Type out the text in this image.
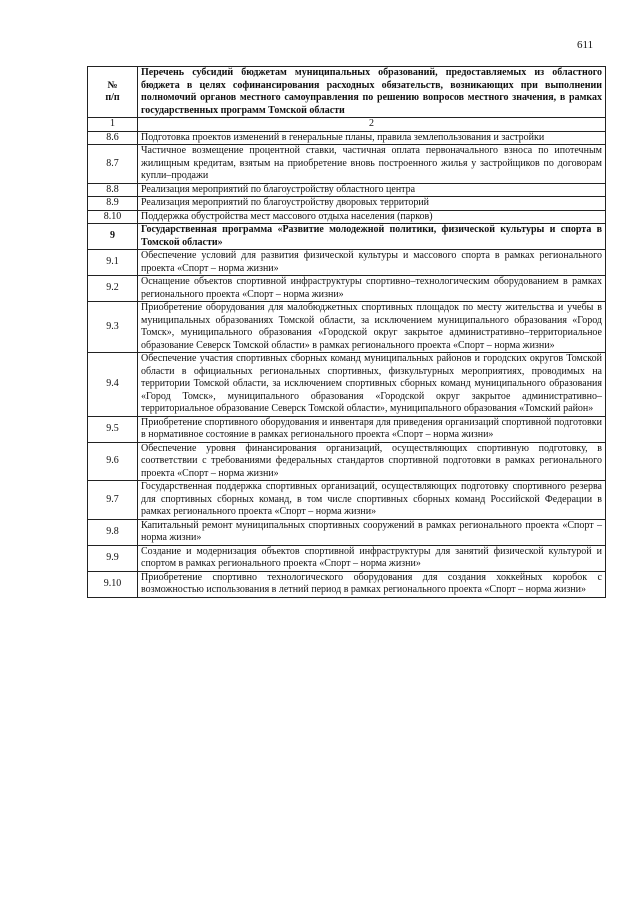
611
№
п/п	Перечень субсидий бюджетам муниципальных образований, предоставляемых из областного бюджета в целях софинансирования расходных обязательств, возникающих при выполнении полномочий органов местного самоуправления по решению вопросов местного значения, в рамках государственных программ Томской области
1	2
8.6	Подготовка проектов изменений в генеральные планы, правила землепользования и застройки
8.7	Частичное возмещение процентной ставки, частичная оплата первоначального взноса по ипотечным жилищным кредитам, взятым на приобретение вновь построенного жилья у застройщиков по договорам купли–продажи
8.8	Реализация мероприятий по благоустройству областного центра
8.9	Реализация мероприятий по благоустройству дворовых территорий
8.10	Поддержка обустройства мест массового отдыха населения (парков)
9	Государственная программа «Развитие молодежной политики, физической культуры и спорта в Томской области»
9.1	Обеспечение условий для развития физической культуры и массового спорта в рамках регионального проекта «Спорт – норма жизни»
9.2	Оснащение объектов спортивной инфраструктуры спортивно–технологическим оборудованием в рамках регионального проекта «Спорт – норма жизни»
9.3	Приобретение оборудования для малобюджетных спортивных площадок по месту жительства и учебы в муниципальных образованиях Томской области, за исключением муниципального образования «Город Томск», муниципального образования «Городской округ закрытое административно–территориальное образование Северск Томской области» в рамках регионального проекта «Спорт – норма жизни»
9.4	Обеспечение участия спортивных сборных команд муниципальных районов и городских округов Томской области в официальных региональных спортивных, физкультурных мероприятиях, проводимых на территории Томской области, за исключением спортивных сборных команд муниципального образования «Город Томск», муниципального образования «Городской округ закрытое административно–территориальное образование Северск Томской области», муниципального образования «Томский район»
9.5	Приобретение спортивного оборудования и инвентаря для приведения организаций спортивной подготовки в нормативное состояние в рамках регионального проекта «Спорт – норма жизни»
9.6	Обеспечение уровня финансирования организаций, осуществляющих спортивную подготовку, в соответствии с требованиями федеральных стандартов спортивной подготовки в рамках регионального проекта «Спорт – норма жизни»
9.7	Государственная поддержка спортивных организаций, осуществляющих подготовку спортивного резерва для спортивных сборных команд, в том числе спортивных сборных команд Российской Федерации в рамках регионального проекта «Спорт – норма жизни»
9.8	Капитальный ремонт муниципальных спортивных сооружений в рамках регионального проекта «Спорт – норма жизни»
9.9	Создание и модернизация объектов спортивной инфраструктуры для занятий физической культурой и спортом в рамках регионального проекта «Спорт – норма жизни»
9.10	Приобретение спортивно технологического оборудования для создания хоккейных коробок с возможностью использования в летний период в рамках регионального проекта «Спорт – норма жизни»
